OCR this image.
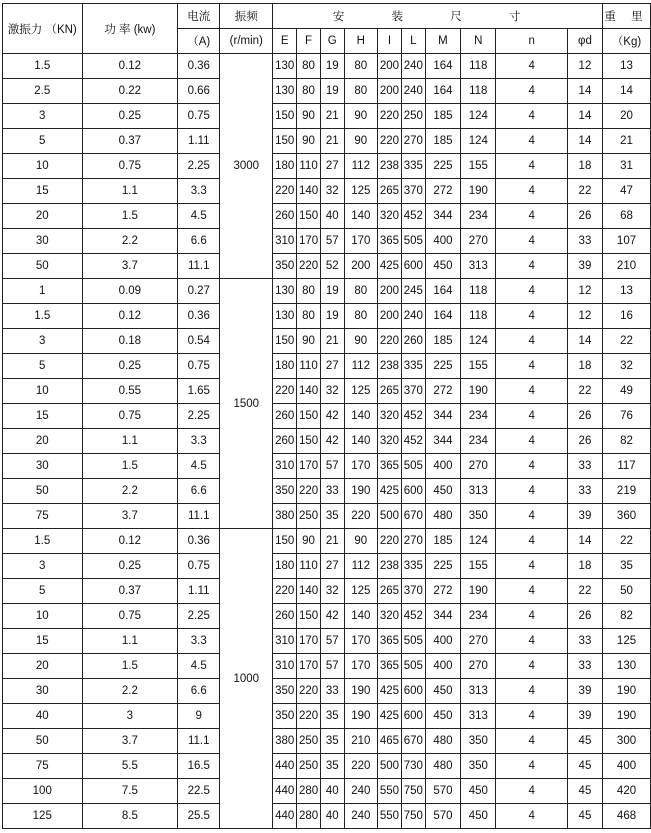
激振力 （KN)	功 率 (kw)	电流	振频	安 装 尺 寸										重 里
		（A)	(r/min)	E	F	G	H	I	L	M	N	n	φd	（Kg)
1.5	0.12	0.36	3000	130	80	19	80	200	240	164	118	4	12	13
2.5	0.22	0.66		130	80	19	80	200	240	164	118	4	14	14
3	0.25	0.75		150	90	21	90	220	250	185	124	4	14	20
5	0.37	1.11		150	90	21	90	220	270	185	124	4	14	21
10	0.75	2.25		180	110	27	112	238	335	225	155	4	18	31
15	1.1	3.3		220	140	32	125	265	370	272	190	4	22	47
20	1.5	4.5		260	150	40	140	320	452	344	234	4	26	68
30	2.2	6.6		310	170	57	170	365	505	400	270	4	33	107
50	3.7	11.1		350	220	52	200	425	600	450	313	4	39	210
1	0.09	0.27	1500	130	80	19	80	200	245	164	118	4	12	13
1.5	0.12	0.36		130	80	19	80	200	240	164	118	4	12	16
3	0.18	0.54		150	90	21	90	220	260	185	124	4	14	22
5	0.25	0.75		180	110	27	112	238	335	225	155	4	18	32
10	0.55	1.65		220	140	32	125	265	370	272	190	4	22	49
15	0.75	2.25		260	150	42	140	320	452	344	234	4	26	76
20	1.1	3.3		260	150	42	140	320	452	344	234	4	26	82
30	1.5	4.5		310	170	57	170	365	505	400	270	4	33	117
50	2.2	6.6		350	220	33	190	425	600	450	313	4	33	219
75	3.7	11.1		380	250	35	220	500	670	480	350	4	39	360
1.5	0.12	0.36	1000	150	90	21	90	220	270	185	124	4	14	22
3	0.25	0.75		180	110	27	112	238	335	225	155	4	18	35
5	0.37	1.11		220	140	32	125	265	370	272	190	4	22	50
10	0.75	2.25		260	150	42	140	320	452	344	234	4	26	82
15	1.1	3.3		310	170	57	170	365	505	400	270	4	33	125
20	1.5	4.5		310	170	57	170	365	505	400	270	4	33	130
30	2.2	6.6		350	220	33	190	425	600	450	313	4	39	190
40	3	9		350	220	35	190	425	600	450	313	4	39	190
50	3.7	11.1		380	250	35	210	465	670	480	350	4	45	300
75	5.5	16.5		440	250	35	220	500	730	480	350	4	45	400
100	7.5	22.5		440	280	40	240	550	750	570	450	4	45	420
125	8.5	25.5		440	280	40	240	550	750	570	450	4	45	468
